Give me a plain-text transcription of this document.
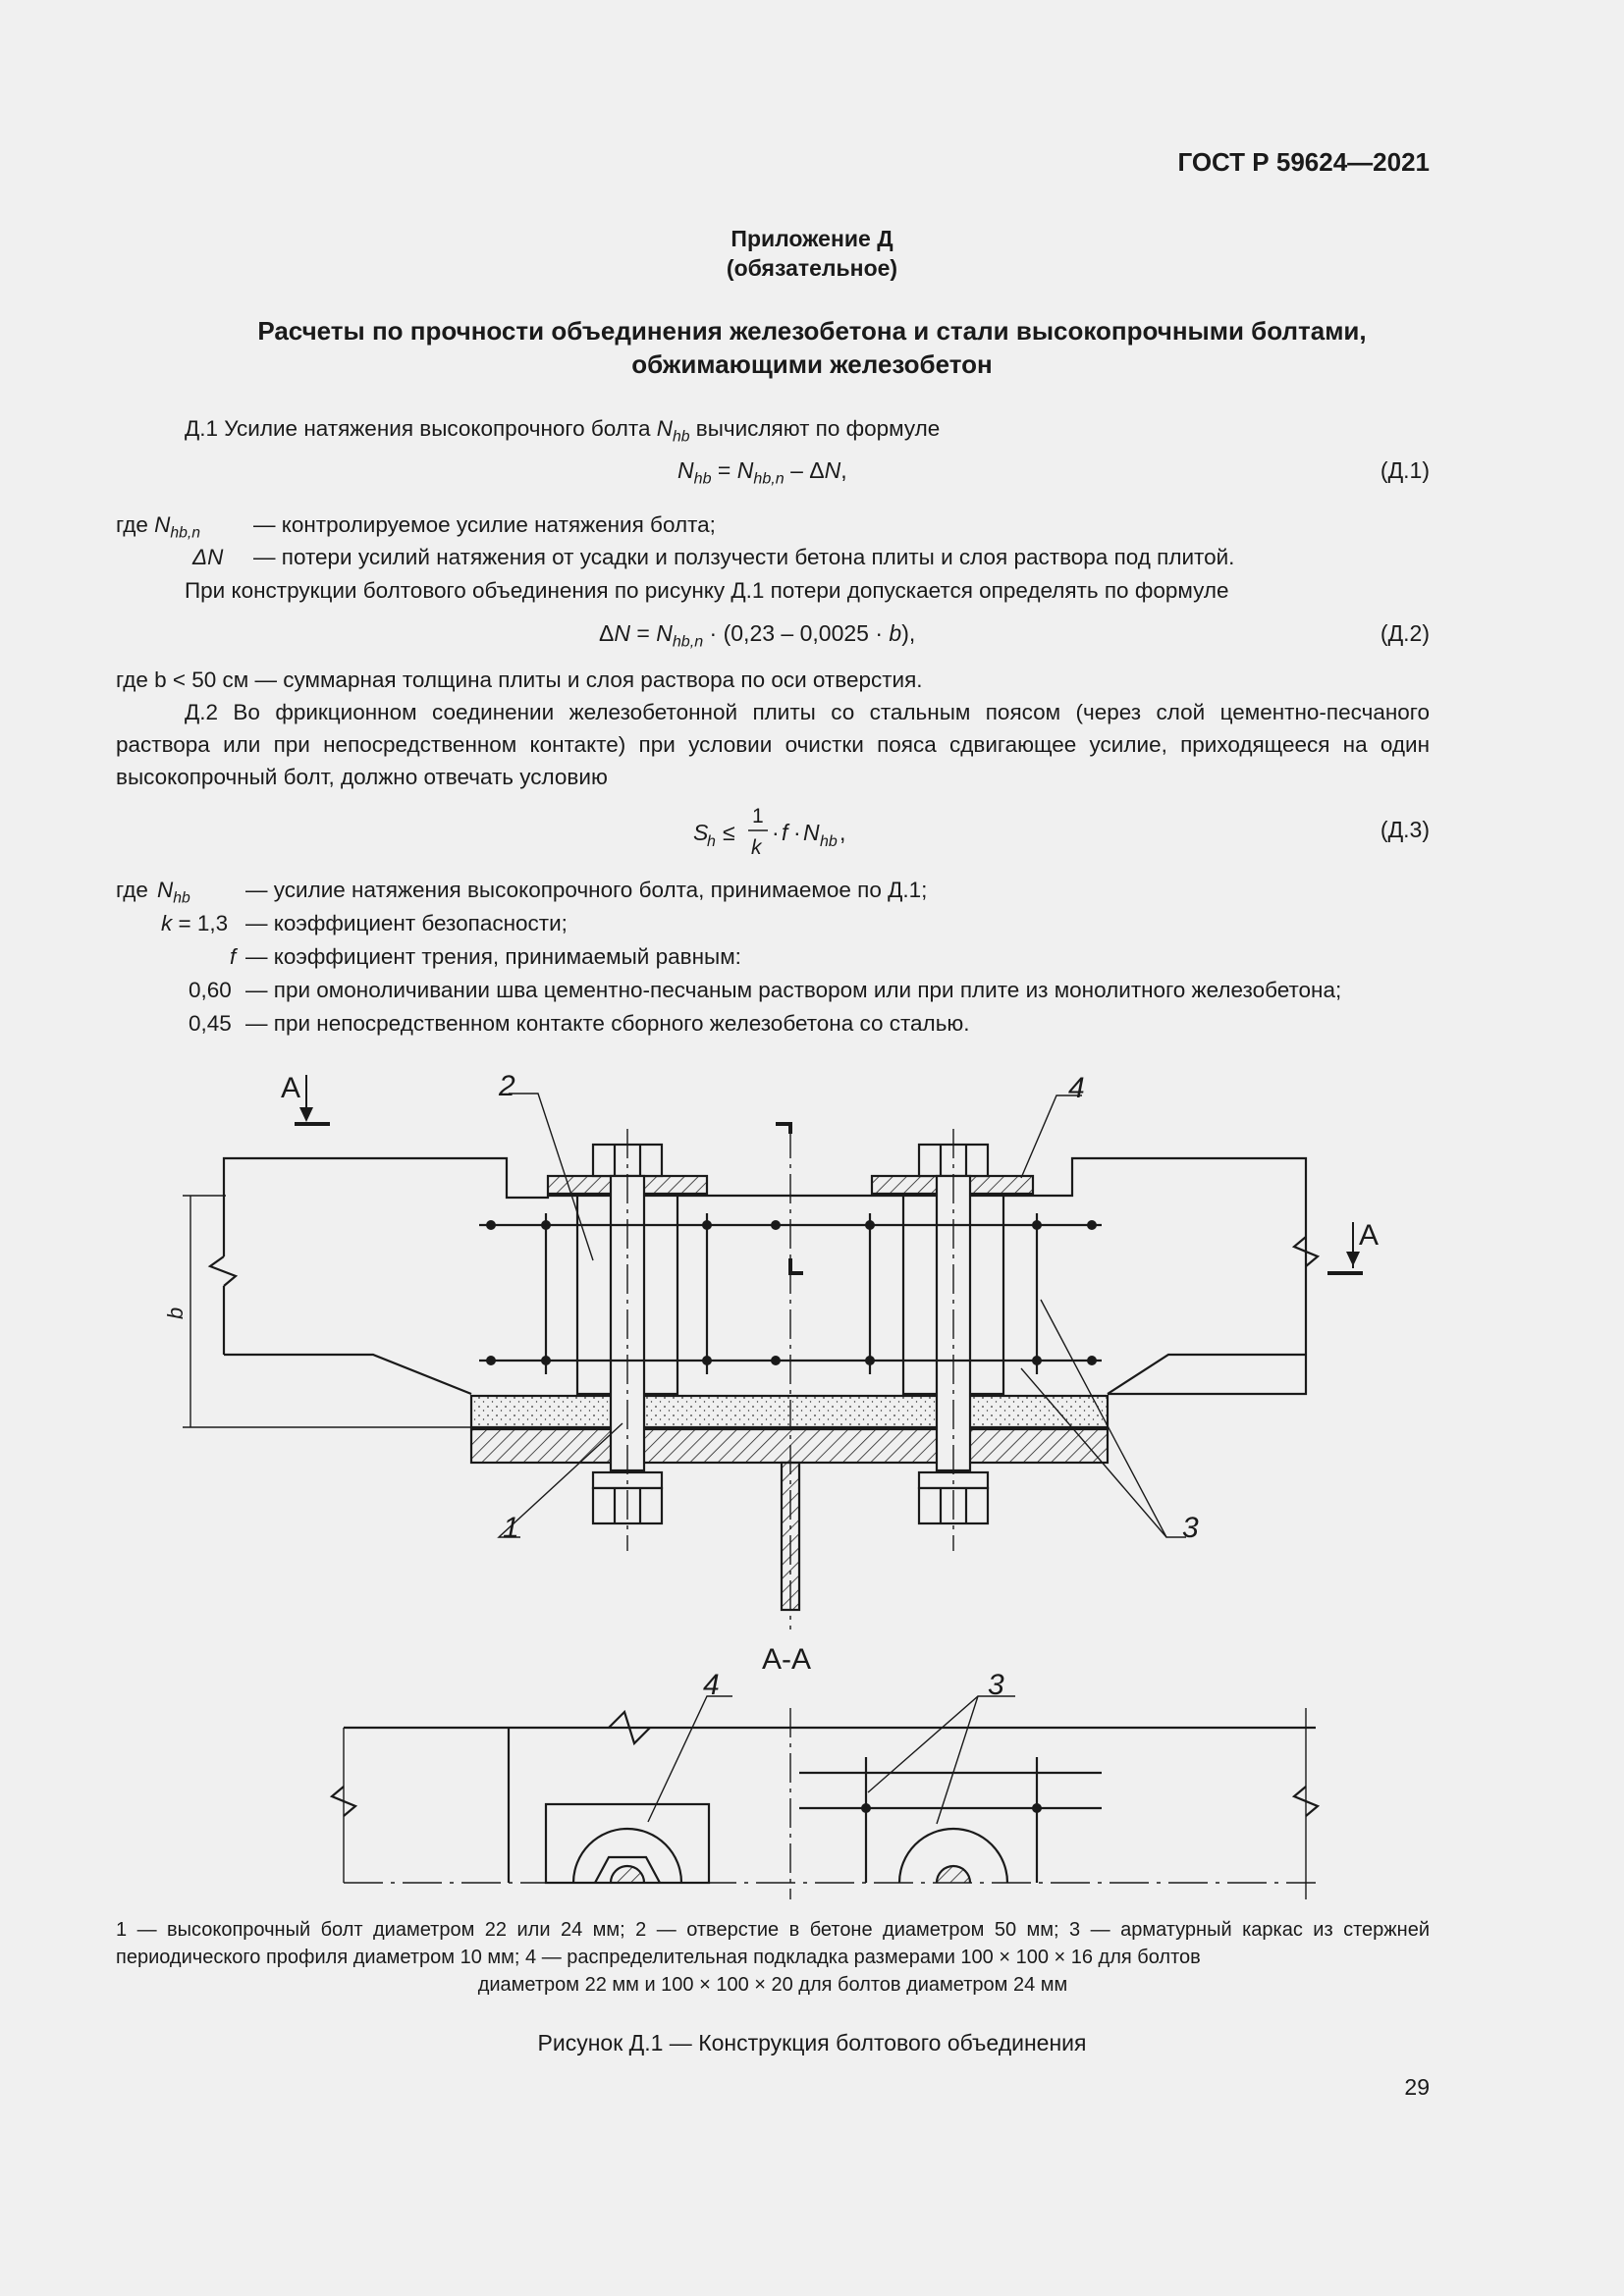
ГОСТ Р 59624—2021
Приложение Д
(обязательное)
Расчеты по прочности объединения железобетона и стали высокопрочными болтами,
обжимающими железобетон
Д.1 Усилие натяжения высокопрочного болта $N_{hb}$ вычисляют по формуле
$N_{hb} = N_{hb,n} - \Delta N$,	(Д.1)
где $N_{hb,n}$ — контролируемое усилие натяжения болта;
ΔN — потери усилий натяжения от усадки и ползучести бетона плиты и слоя раствора под плитой.
При конструкции болтового объединения по рисунку Д.1 потери допускается определять по формуле
$\Delta N = N_{hb,n} \cdot (0,23 - 0,0025 \cdot b)$,	(Д.2)
где b < 50 см — суммарная толщина плиты и слоя раствора по оси отверстия.
Д.2 Во фрикционном соединении железобетонной плиты со стальным поясом (через слой цементно-песчаного раствора или при непосредственном контакте) при условии очистки пояса сдвигающее усилие, приходящееся на один высокопрочный болт, должно отвечать условию
S
h ≤
1
k
· f · N hb ,	(Д.3)
где $N_{hb}$ — усилие натяжения высокопрочного болта, принимаемое по Д.1;
k = 1,3 — коэффициент безопасности;
f — коэффициент трения, принимаемый равным:
0,60 — при омоноличивании шва цементно-песчаным раствором или при плите из монолитного железобетона;
0,45 — при непосредственном контакте сборного железобетона со сталью.
А
А
А-А
2	4
1	3
4	3
b
1 — высокопрочный болт диаметром 22 или 24 мм; 2 — отверстие в бетоне диаметром 50 мм; 3 — арматурный каркас из стержней периодического профиля диаметром 10 мм; 4 — распределительная подкладка размерами 100 × 100 × 16 для болтов
диаметром 22 мм и 100 × 100 × 20 для болтов диаметром 24 мм
Рисунок Д.1 — Конструкция болтового объединения
29
